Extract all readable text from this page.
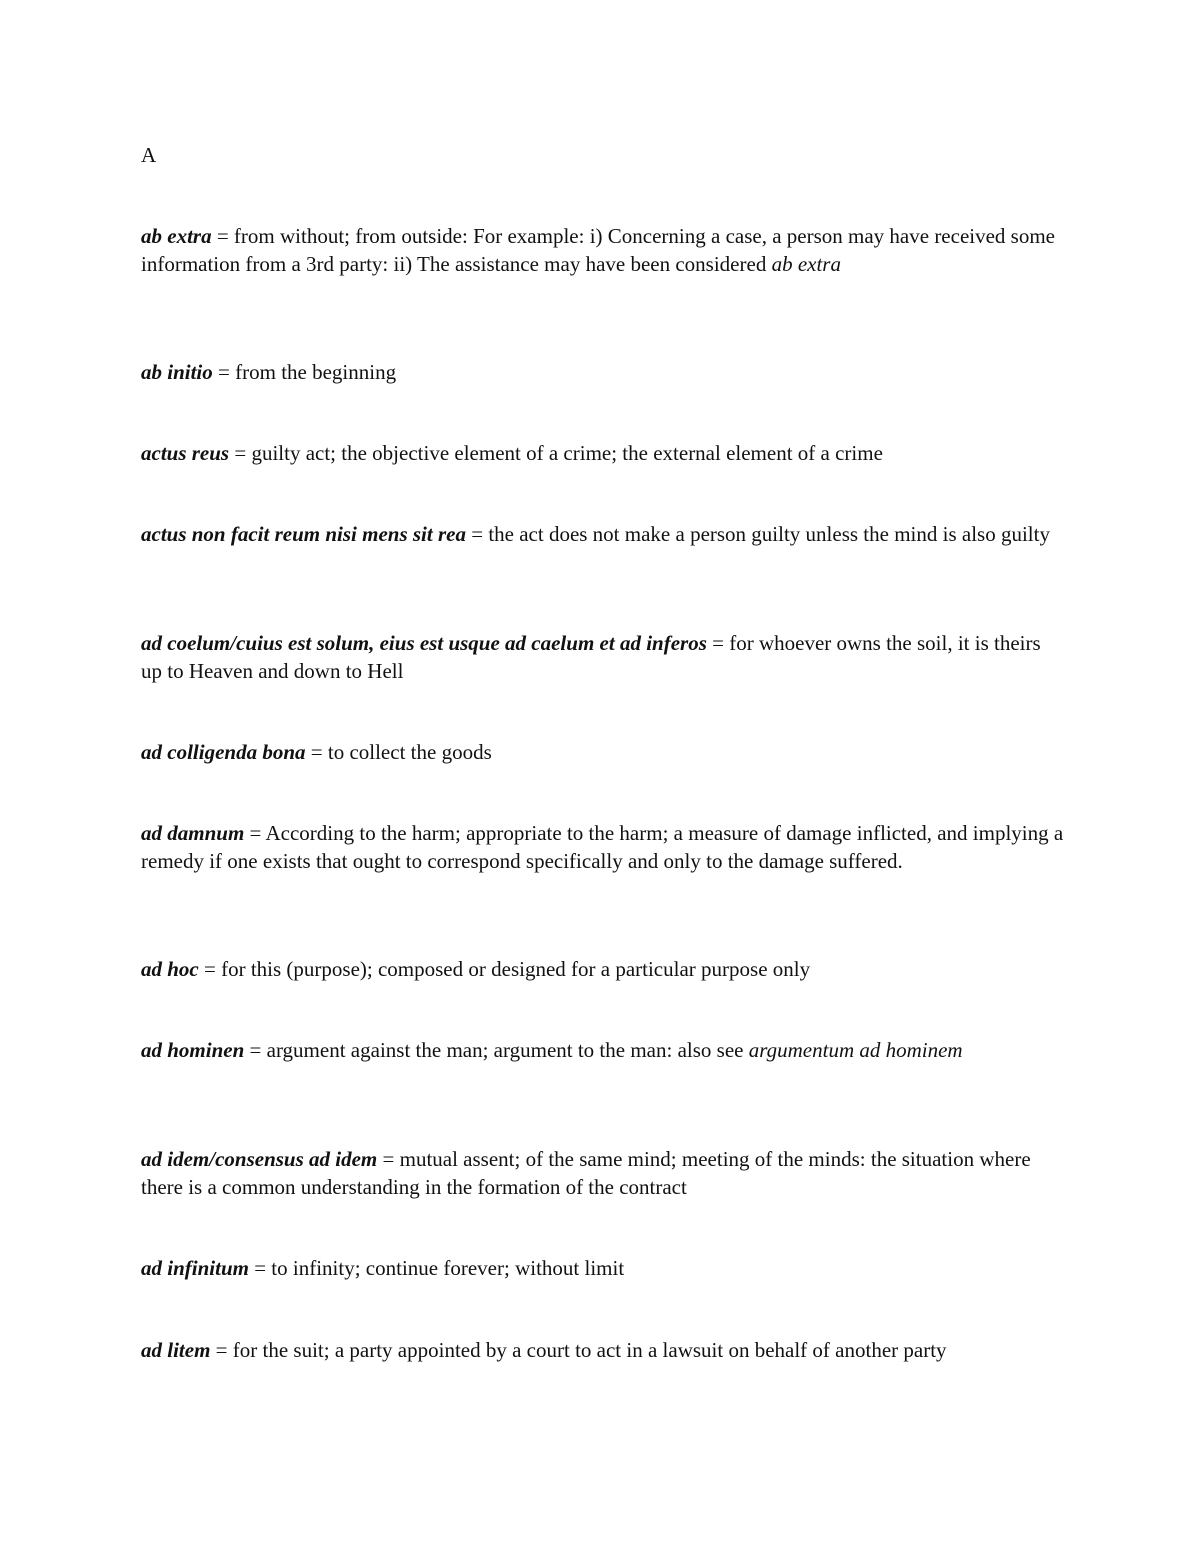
A

ab extra = from without; from outside: For example: i) Concerning a case, a person may have received some information from a 3rd party: ii) The assistance may have been considered ab extra

ab initio = from the beginning

actus reus = guilty act; the objective element of a crime; the external element of a crime

actus non facit reum nisi mens sit rea = the act does not make a person guilty unless the mind is also guilty

ad coelum/cuius est solum, eius est usque ad caelum et ad inferos = for whoever owns the soil, it is theirs up to Heaven and down to Hell

ad colligenda bona = to collect the goods

ad damnum = According to the harm; appropriate to the harm; a measure of damage inflicted, and implying a remedy if one exists that ought to correspond specifically and only to the damage suffered.

ad hoc = for this (purpose); composed or designed for a particular purpose only

ad hominen = argument against the man; argument to the man: also see argumentum ad hominem

ad idem/consensus ad idem = mutual assent; of the same mind; meeting of the minds: the situation where there is a common understanding in the formation of the contract

ad infinitum = to infinity; continue forever; without limit

ad litem = for the suit; a party appointed by a court to act in a lawsuit on behalf of another party
